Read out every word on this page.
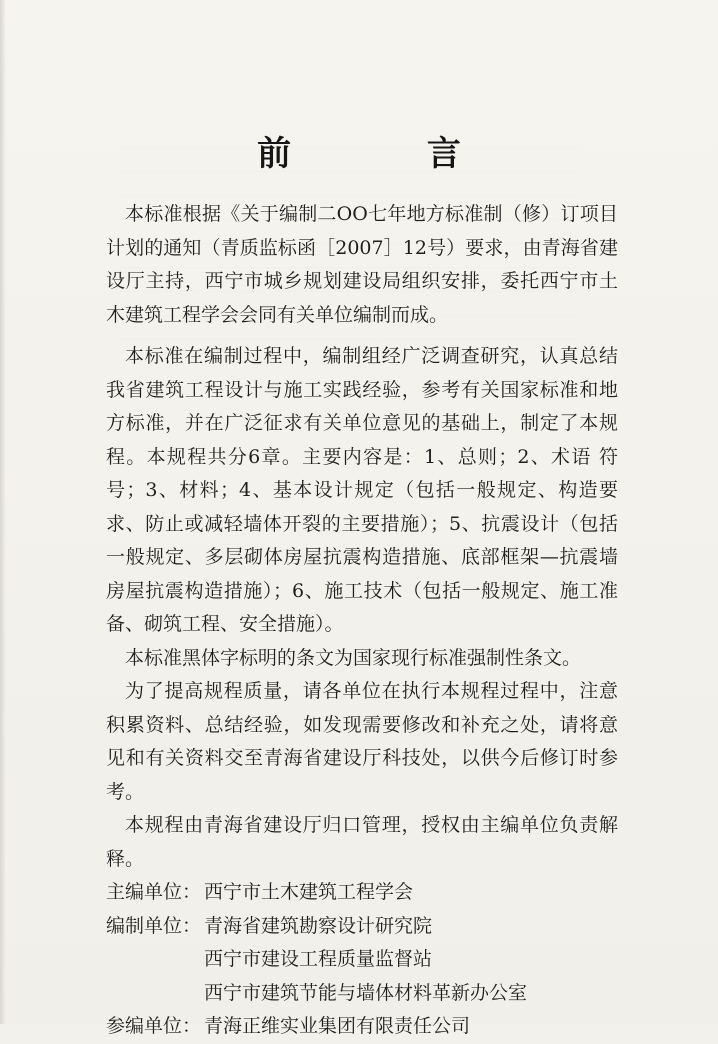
前 言

本标准根据《关于编制二OO七年地方标准制（修）订项目计划的通知（青质监标函［2007］12号）要求，由青海省建设厅主持，西宁市城乡规划建设局组织安排，委托西宁市土木建筑工程学会会同有关单位编制而成。

本标准在编制过程中，编制组经广泛调查研究，认真总结我省建筑工程设计与施工实践经验，参考有关国家标准和地方标准，并在广泛征求有关单位意见的基础上，制定了本规程。本规程共分6章。主要内容是：1、总则；2、术语 符号；3、材料；4、基本设计规定（包括一般规定、构造要求、防止或减轻墙体开裂的主要措施）；5、抗震设计（包括一般规定、多层砌体房屋抗震构造措施、底部框架—抗震墙房屋抗震构造措施）；6、施工技术（包括一般规定、施工准备、砌筑工程、安全措施）。

本标准黑体字标明的条文为国家现行标准强制性条文。

为了提高规程质量，请各单位在执行本规程过程中，注意积累资料、总结经验，如发现需要修改和补充之处，请将意见和有关资料交至青海省建设厅科技处，以供今后修订时参考。

本规程由青海省建设厅归口管理，授权由主编单位负责解释。

主编单位： 西宁市土木建筑工程学会
编制单位： 青海省建筑勘察设计研究院
西宁市建设工程质量监督站
西宁市建筑节能与墙体材料革新办公室
参编单位： 青海正维实业集团有限责任公司
